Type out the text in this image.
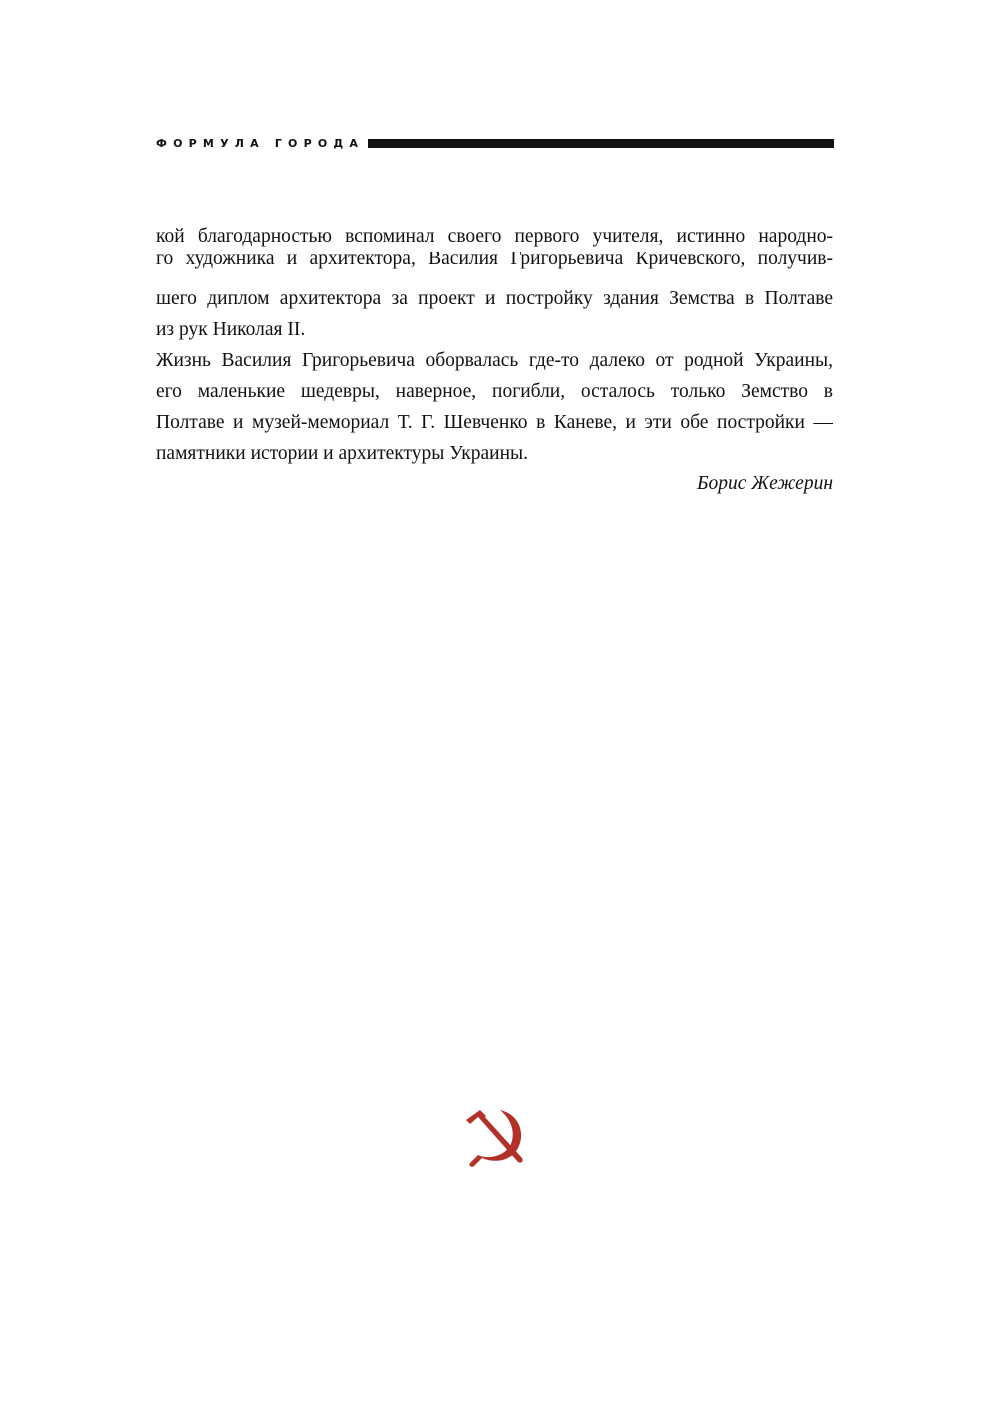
ФОРМУЛА ГОРОДА

кой благодарностью вспоминал своего первого учителя, истинно народно-
го художника и архитектора, Василия Григорьевича Кричевского, получив-
шего диплом архитектора за проект и постройку здания Земства в Полтаве
из рук Николая II.

Жизнь Василия Григорьевича оборвалась где-то далеко от родной Украины,
его маленькие шедевры, наверное, погибли, осталось только Земство в
Полтаве и музей-мемориал Т. Г. Шевченко в Каневе, и эти обе постройки —
памятники истории и архитектуры Украины.

Борис Жежерин
